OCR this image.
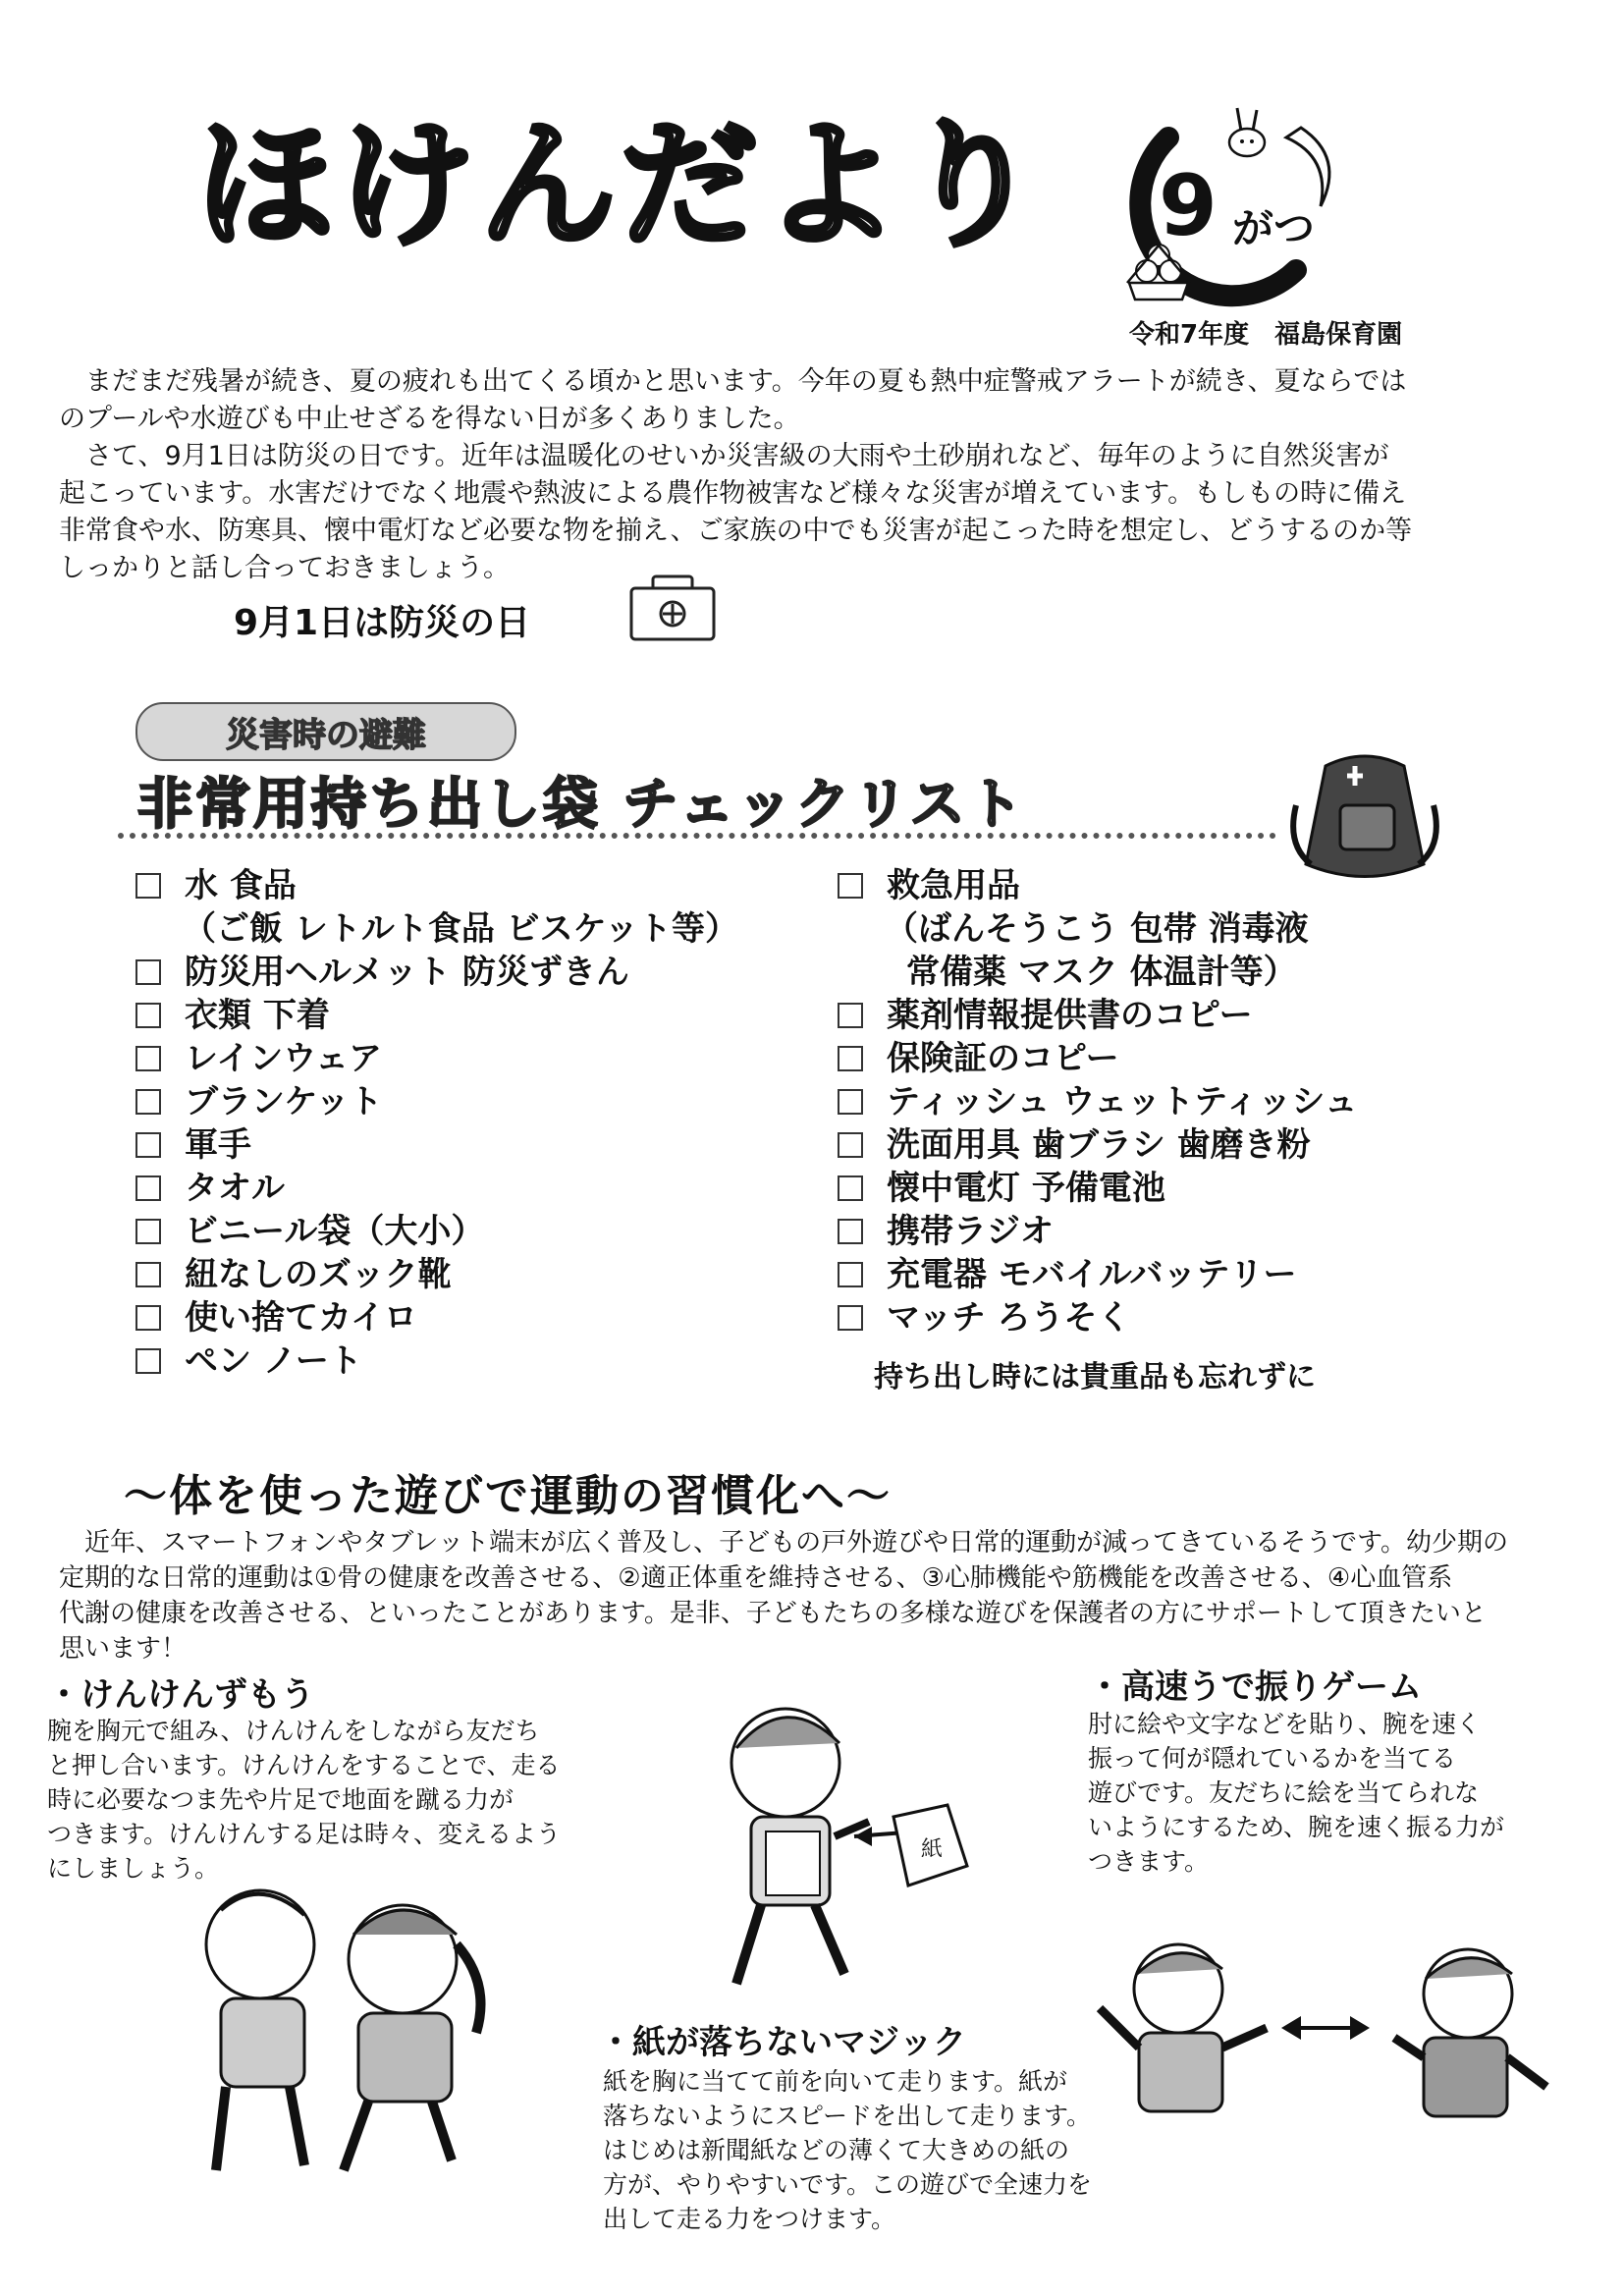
ほけんだより 9 がつ
令和7年度　福島保育園
　まだまだ残暑が続き、夏の疲れも出てくる頃かと思います。今年の夏も熱中症警戒アラートが続き、夏ならでは
のプールや水遊びも中止せざるを得ない日が多くありました。
　さて、9月1日は防災の日です。近年は温暖化のせいか災害級の大雨や土砂崩れなど、毎年のように自然災害が
起こっています。水害だけでなく地震や熱波による農作物被害など様々な災害が増えています。もしもの時に備え
非常食や水、防寒具、懐中電灯など必要な物を揃え、ご家族の中でも災害が起こった時を想定し、どうするのか等
しっかりと話し合っておきましょう。
9月1日は防災の日
災害時の避難
非常用持ち出し袋 チェックリスト
水 食品
（ご飯 レトルト食品 ビスケット等）
防災用ヘルメット 防災ずきん
衣類 下着
レインウェア
ブランケット
軍手
タオル
ビニール袋（大小）
紐なしのズック靴
使い捨てカイロ
ペン ノート
救急用品
（ばんそうこう 包帯 消毒液
常備薬 マスク 体温計等）
薬剤情報提供書のコピー
保険証のコピー
ティッシュ ウェットティッシュ
洗面用具 歯ブラシ 歯磨き粉
懐中電灯 予備電池
携帯ラジオ
充電器 モバイルバッテリー
マッチ ろうそく
持ち出し時には貴重品も忘れずに
～体を使った遊びで運動の習慣化へ～
　近年、スマートフォンやタブレット端末が広く普及し、子どもの戸外遊びや日常的運動が減ってきているそうです。幼少期の
定期的な日常的運動は①骨の健康を改善させる、②適正体重を維持させる、③心肺機能や筋機能を改善させる、④心血管系
代謝の健康を改善させる、といったことがあります。是非、子どもたちの多様な遊びを保護者の方にサポートして頂きたいと
思います！
・けんけんずもう
腕を胸元で組み、けんけんをしながら友だち
と押し合います。けんけんをすることで、走る
時に必要なつま先や片足で地面を蹴る力が
つきます。けんけんする足は時々、変えるよう
にしましょう。
・高速うで振りゲーム
肘に絵や文字などを貼り、腕を速く
振って何が隠れているかを当てる
遊びです。友だちに絵を当てられな
いようにするため、腕を速く振る力が
つきます。
・紙が落ちないマジック
紙を胸に当てて前を向いて走ります。紙が
落ちないようにスピードを出して走ります。
はじめは新聞紙などの薄くて大きめの紙の
方が、やりやすいです。この遊びで全速力を
出して走る力をつけます。
紙
